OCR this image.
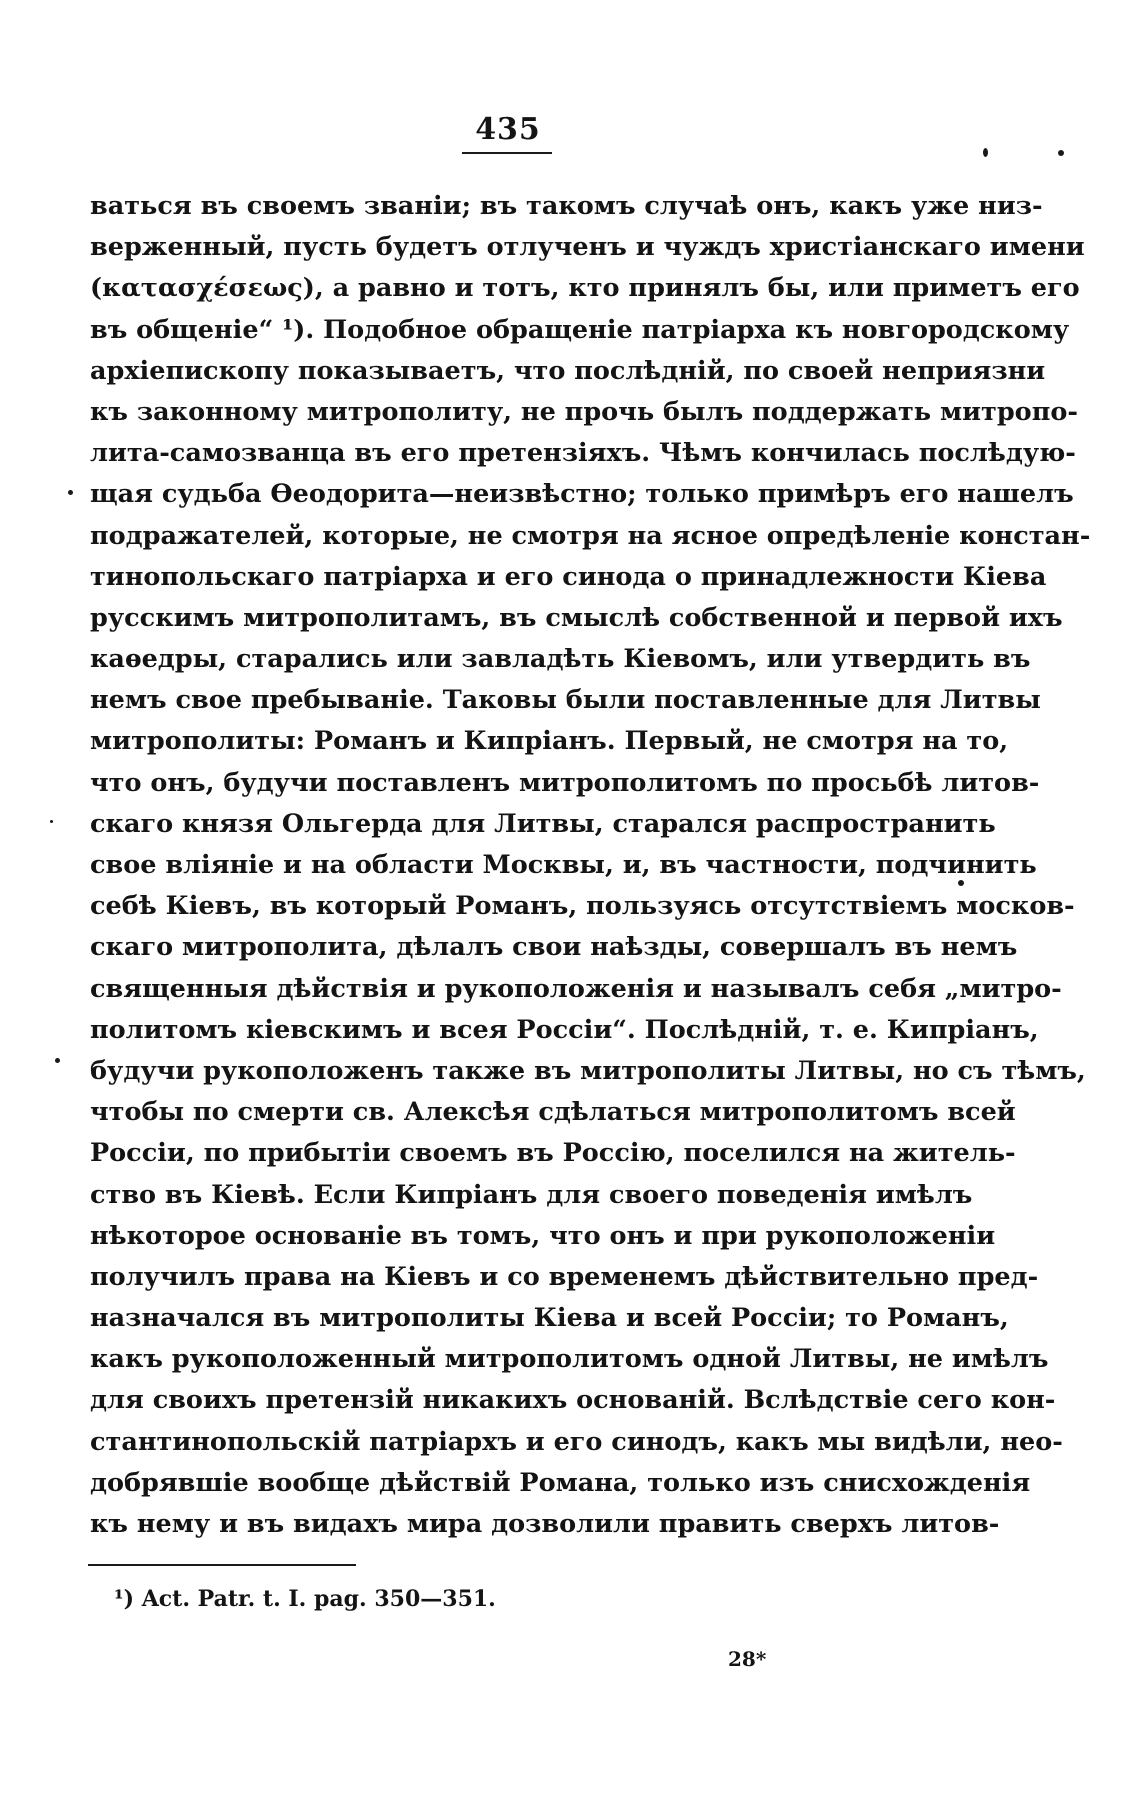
435
ваться въ своемъ званіи; въ такомъ случаѣ онъ, какъ уже низ-
верженный, пусть будетъ отлученъ и чуждъ христіанскаго имени
(κατασχέσεως), а равно и тотъ, кто принялъ бы, или приметъ его
въ общеніе“ ¹). Подобное обращеніе патріарха къ новгородскому
архіепископу показываетъ, что послѣдній, по своей неприязни
къ законному митрополиту, не прочь былъ поддержать митропо-
лита-самозванца въ его претензіяхъ. Чѣмъ кончилась послѣдую-
щая судьба Ѳеодорита—неизвѣстно; только примѣръ его нашелъ
подражателей, которые, не смотря на ясное опредѣленіе констан-
тинопольскаго патріарха и его синода о принадлежности Кіева
русскимъ митрополитамъ, въ смыслѣ собственной и первой ихъ
каѳедры, старались или завладѣть Кіевомъ, или утвердить въ
немъ свое пребываніе. Таковы были поставленные для Литвы
митрополиты: Романъ и Кипріанъ. Первый, не смотря на то,
что онъ, будучи поставленъ митрополитомъ по просьбѣ литов-
скаго князя Ольгерда для Литвы, старался распространить
свое вліяніе и на области Москвы, и, въ частности, подчинить
себѣ Кіевъ, въ который Романъ, пользуясь отсутствіемъ москов-
скаго митрополита, дѣлалъ свои наѣзды, совершалъ въ немъ
священныя дѣйствія и рукоположенія и называлъ себя „митро-
политомъ кіевскимъ и всея Россіи“. Послѣдній, т. е. Кипріанъ,
будучи рукоположенъ также въ митрополиты Литвы, но съ тѣмъ,
чтобы по смерти св. Алексѣя сдѣлаться митрополитомъ всей
Россіи, по прибытіи своемъ въ Россію, поселился на житель-
ство въ Кіевѣ. Если Кипріанъ для своего поведенія имѣлъ
нѣкоторое основаніе въ томъ, что онъ и при рукоположеніи
получилъ права на Кіевъ и со временемъ дѣйствительно пред-
назначался въ митрополиты Кіева и всей Россіи; то Романъ,
какъ рукоположенный митрополитомъ одной Литвы, не имѣлъ
для своихъ претензій никакихъ основаній. Вслѣдствіе сего кон-
стантинопольскій патріархъ и его синодъ, какъ мы видѣли, нео-
добрявшіе вообще дѣйствій Романа, только изъ снисхожденія
къ нему и въ видахъ мира дозволили править сверхъ литов-
¹) Act. Patr. t. I. pag. 350—351.
28*
